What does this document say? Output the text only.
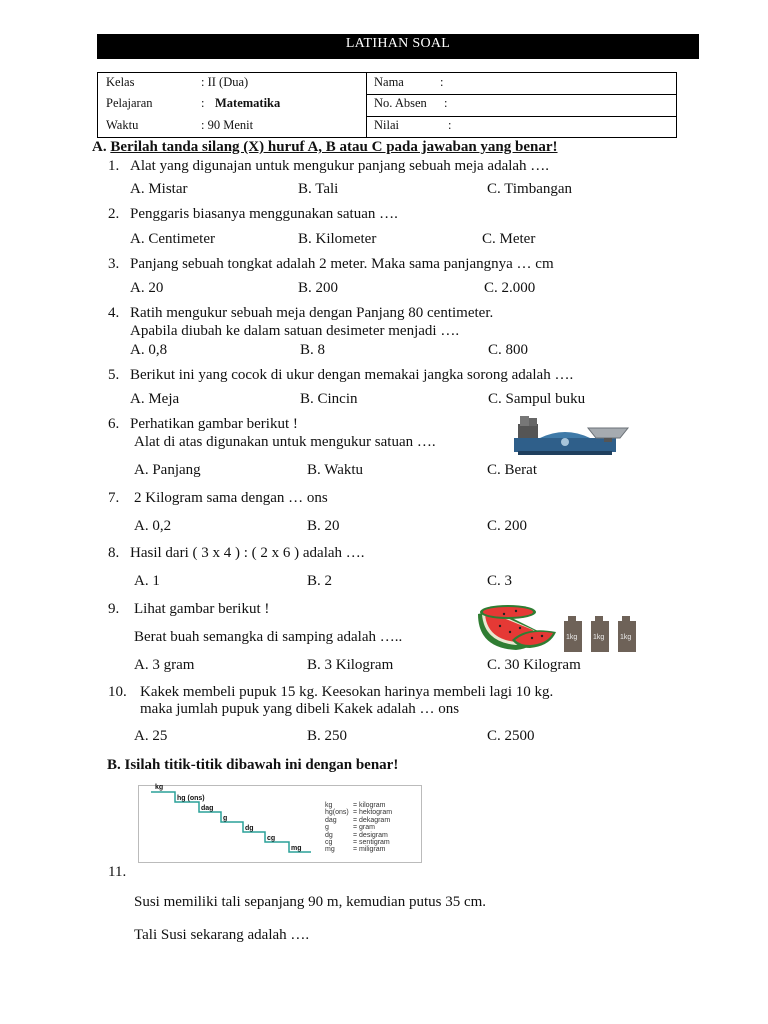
LATIHAN SOAL
Kelas	: II (Dua)
Pelajaran	: Matematika
Waktu	: 90 Menit
Nama	:
No. Absen :
Nilai	:
A. Berilah tanda silang (X) huruf A, B atau C pada jawaban yang benar!
1. Alat yang digunajan untuk mengukur panjang sebuah meja adalah ….
A. Mistar	B. Tali	C. Timbangan
2. Penggaris biasanya menggunakan satuan ….
A. Centimeter	B. Kilometer	C. Meter
3. Panjang sebuah tongkat adalah 2 meter. Maka sama panjangnya … cm
A. 20	B. 200	C. 2.000
4. Ratih mengukur sebuah meja dengan Panjang 80 centimeter.
Apabila diubah ke dalam satuan desimeter menjadi ….
A. 0,8	B. 8	C. 800
5. Berikut ini yang cocok di ukur dengan memakai jangka sorong adalah ….
A. Meja	B. Cincin	C. Sampul buku
6. Perhatikan gambar berikut !
Alat di atas digunakan untuk mengukur satuan ….
A. Panjang	B. Waktu	C. Berat
7. 2 Kilogram sama dengan … ons
A. 0,2	B. 20	C. 200
8. Hasil dari ( 3 x 4 ) : ( 2 x 6 ) adalah ….
A. 1	B. 2	C. 3
9. Lihat gambar berikut !
Berat buah semangka di samping adalah …..
A. 3 gram	B. 3 Kilogram	C. 30 Kilogram
1kg 1kg 1kg
10. Kakek membeli pupuk 15 kg. Keesokan harinya membeli lagi 10 kg.
maka jumlah pupuk yang dibeli Kakek adalah … ons
A. 25	B. 250	C. 2500
B. Isilah titik-titik dibawah ini dengan benar!
kg
hg (ons)
dag
g
dg
cg
mg
kg	= kilogram
hg(ons) = hektogram
dag = dekagram
g	= gram
dg	= desigram
cg	= sentigram
mg	= miligram
11.
Susi memiliki tali sepanjang 90 m, kemudian putus 35 cm.
Tali Susi sekarang adalah ….
